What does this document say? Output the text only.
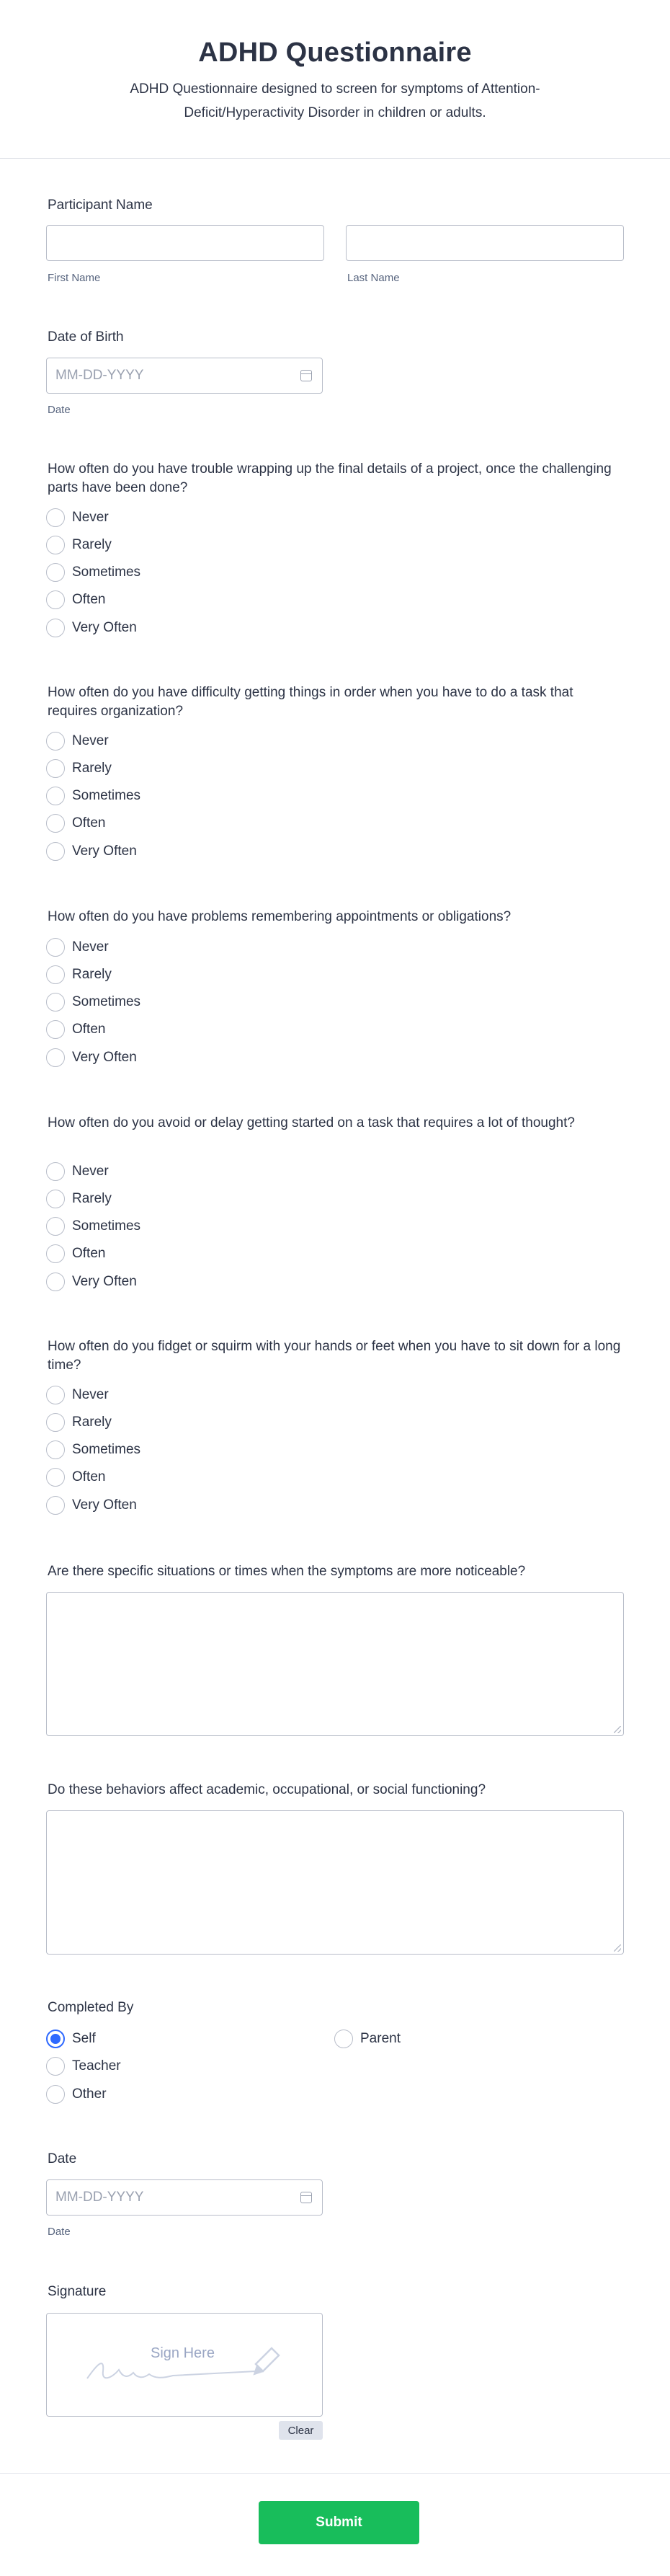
ADHD Questionnaire

ADHD Questionnaire designed to screen for symptoms of Attention-Deficit/Hyperactivity Disorder in children or adults.

Participant Name
First Name	Last Name
Date of Birth
MM-DD-YYYY
Date
How often do you have trouble wrapping up the final details of a project, once the challenging parts have been done?
Never
Rarely
Sometimes
Often
Very Often
How often do you have difficulty getting things in order when you have to do a task that requires organization?
Never
Rarely
Sometimes
Often
Very Often
How often do you have problems remembering appointments or obligations?
Never
Rarely
Sometimes
Often
Very Often
How often do you avoid or delay getting started on a task that requires a lot of thought?
Never
Rarely
Sometimes
Often
Very Often
How often do you fidget or squirm with your hands or feet when you have to sit down for a long time?
Never
Rarely
Sometimes
Often
Very Often
Are there specific situations or times when the symptoms are more noticeable?
Do these behaviors affect academic, occupational, or social functioning?
Completed By
Self	Parent
Teacher
Other
Date
MM-DD-YYYY
Date
Signature
Sign Here
Clear
Submit
